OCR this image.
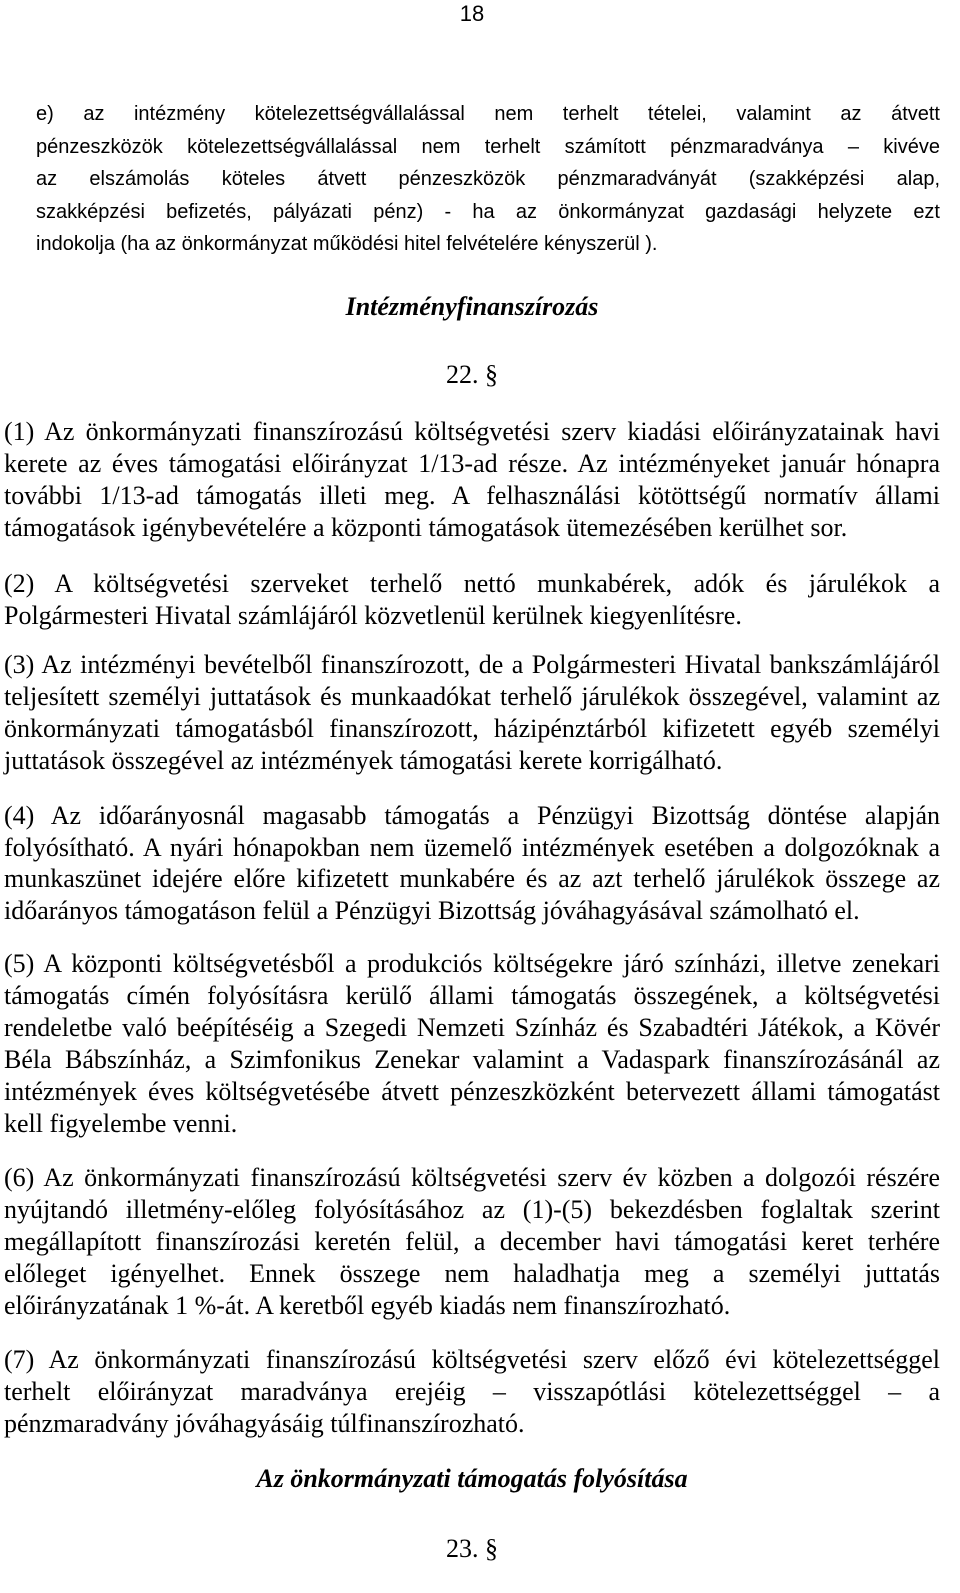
18
e) az intézmény kötelezettségvállalással nem terhelt tételei, valamint az átvett
pénzeszközök kötelezettségvállalással nem terhelt számított pénzmaradványa – kivéve
az elszámolás köteles átvett pénzeszközök pénzmaradványát (szakképzési alap,
szakképzési befizetés, pályázati pénz) - ha az önkormányzat gazdasági helyzete ezt
indokolja (ha az önkormányzat működési hitel felvételére kényszerül ).
Intézményfinanszírozás
22. §
(1) Az önkormányzati finanszírozású költségvetési szerv kiadási előirányzatainak havi
kerete az éves támogatási előirányzat 1/13-ad része. Az intézményeket január hónapra
további 1/13-ad támogatás illeti meg. A felhasználási kötöttségű normatív állami
támogatások igénybevételére a központi támogatások ütemezésében kerülhet sor.
(2) A költségvetési szerveket terhelő nettó munkabérek, adók és járulékok a
Polgármesteri Hivatal számlájáról közvetlenül kerülnek kiegyenlítésre.
(3) Az intézményi bevételből finanszírozott, de a Polgármesteri Hivatal bankszámlájáról
teljesített személyi juttatások és munkaadókat terhelő járulékok összegével, valamint az
önkormányzati támogatásból finanszírozott, házipénztárból kifizetett egyéb személyi
juttatások összegével az intézmények támogatási kerete korrigálható.
(4) Az időarányosnál magasabb támogatás a Pénzügyi Bizottság döntése alapján
folyósítható. A nyári hónapokban nem üzemelő intézmények esetében a dolgozóknak a
munkaszünet idejére előre kifizetett munkabére és az azt terhelő járulékok összege az
időarányos támogatáson felül a Pénzügyi Bizottság jóváhagyásával számolható el.
(5) A központi költségvetésből a produkciós költségekre járó színházi, illetve zenekari
támogatás címén folyósításra kerülő állami támogatás összegének, a költségvetési
rendeletbe való beépítéséig a Szegedi Nemzeti Színház és Szabadtéri Játékok, a Kövér
Béla Bábszínház, a Szimfonikus Zenekar valamint a Vadaspark finanszírozásánál az
intézmények éves költségvetésébe átvett pénzeszközként betervezett állami támogatást
kell figyelembe venni.
(6) Az önkormányzati finanszírozású költségvetési szerv év közben a dolgozói részére
nyújtandó illetmény-előleg folyósításához az (1)-(5) bekezdésben foglaltak szerint
megállapított finanszírozási keretén felül, a december havi támogatási keret terhére
előleget igényelhet. Ennek összege nem haladhatja meg a személyi juttatás
előirányzatának 1 %-át. A keretből egyéb kiadás nem finanszírozható.
(7) Az önkormányzati finanszírozású költségvetési szerv előző évi kötelezettséggel
terhelt előirányzat maradványa erejéig – visszapótlási kötelezettséggel – a
pénzmaradvány jóváhagyásáig túlfinanszírozható.
Az önkormányzati támogatás folyósítása
23. §
